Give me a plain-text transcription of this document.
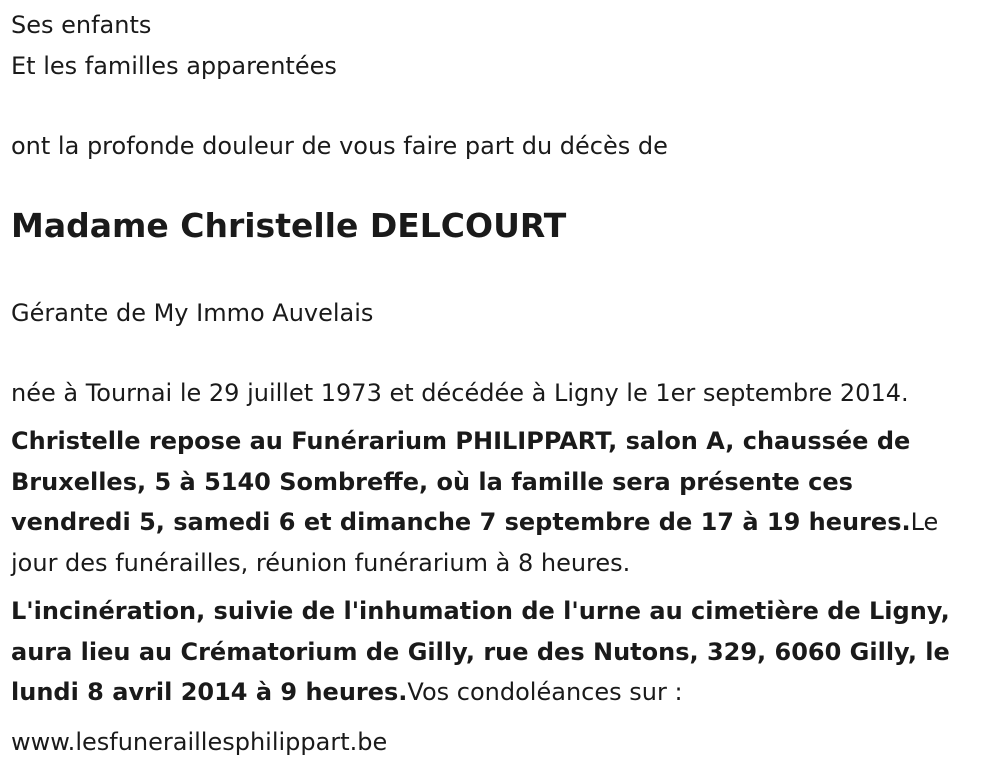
Ses enfants
Et les familles apparentées
ont la profonde douleur de vous faire part du décès de
Madame Christelle DELCOURT
Gérante de My Immo Auvelais
née à Tournai le 29 juillet 1973 et décédée à Ligny le 1er septembre 2014.
Christelle repose au Funérarium PHILIPPART, salon A, chaussée de
Bruxelles, 5 à 5140 Sombreffe, où la famille sera présente ces
vendredi 5, samedi 6 et dimanche 7 septembre de 17 à 19 heures.Le
jour des funérailles, réunion funérarium à 8 heures.
L'incinération, suivie de l'inhumation de l'urne au cimetière de Ligny,
aura lieu au Crématorium de Gilly, rue des Nutons, 329, 6060 Gilly, le
lundi 8 avril 2014 à 9 heures.Vos condoléances sur :
www.lesfuneraillesphilippart.be
